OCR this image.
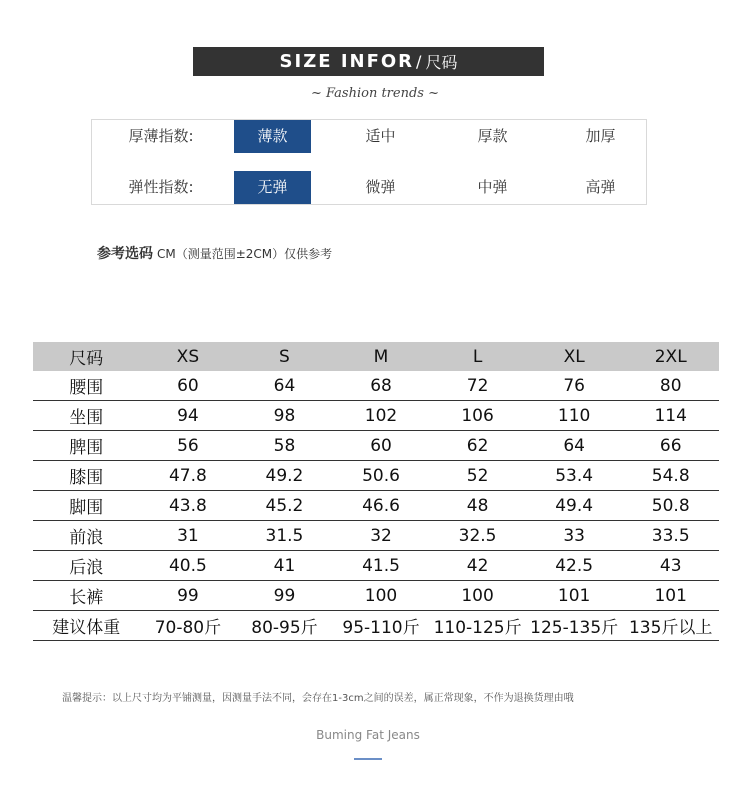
SIZE INFOR / 尺码
~ Fashion trends ~
厚薄指数:	薄款	适中	厚款	加厚
弹性指数:	无弹	微弹	中弹	高弹
参考选码 CM（测量范围±2CM）仅供参考
尺码	XS	S	M	L	XL	2XL
腰围	60	64	68	72	76	80
坐围	94	98	102	106	110	114
脾围	56	58	60	62	64	66
膝围	47.8	49.2	50.6	52	53.4	54.8
脚围	43.8	45.2	46.6	48	49.4	50.8
前浪	31	31.5	32	32.5	33	33.5
后浪	40.5	41	41.5	42	42.5	43
长裤	99	99	100	100	101	101
建议体重	70-80斤	80-95斤	95-110斤	110-125斤	125-135斤	135斤以上
温馨提示：以上尺寸均为平铺测量，因测量手法不同，会存在1-3cm之间的误差，属正常现象，不作为退换货理由哦
Buming Fat Jeans
